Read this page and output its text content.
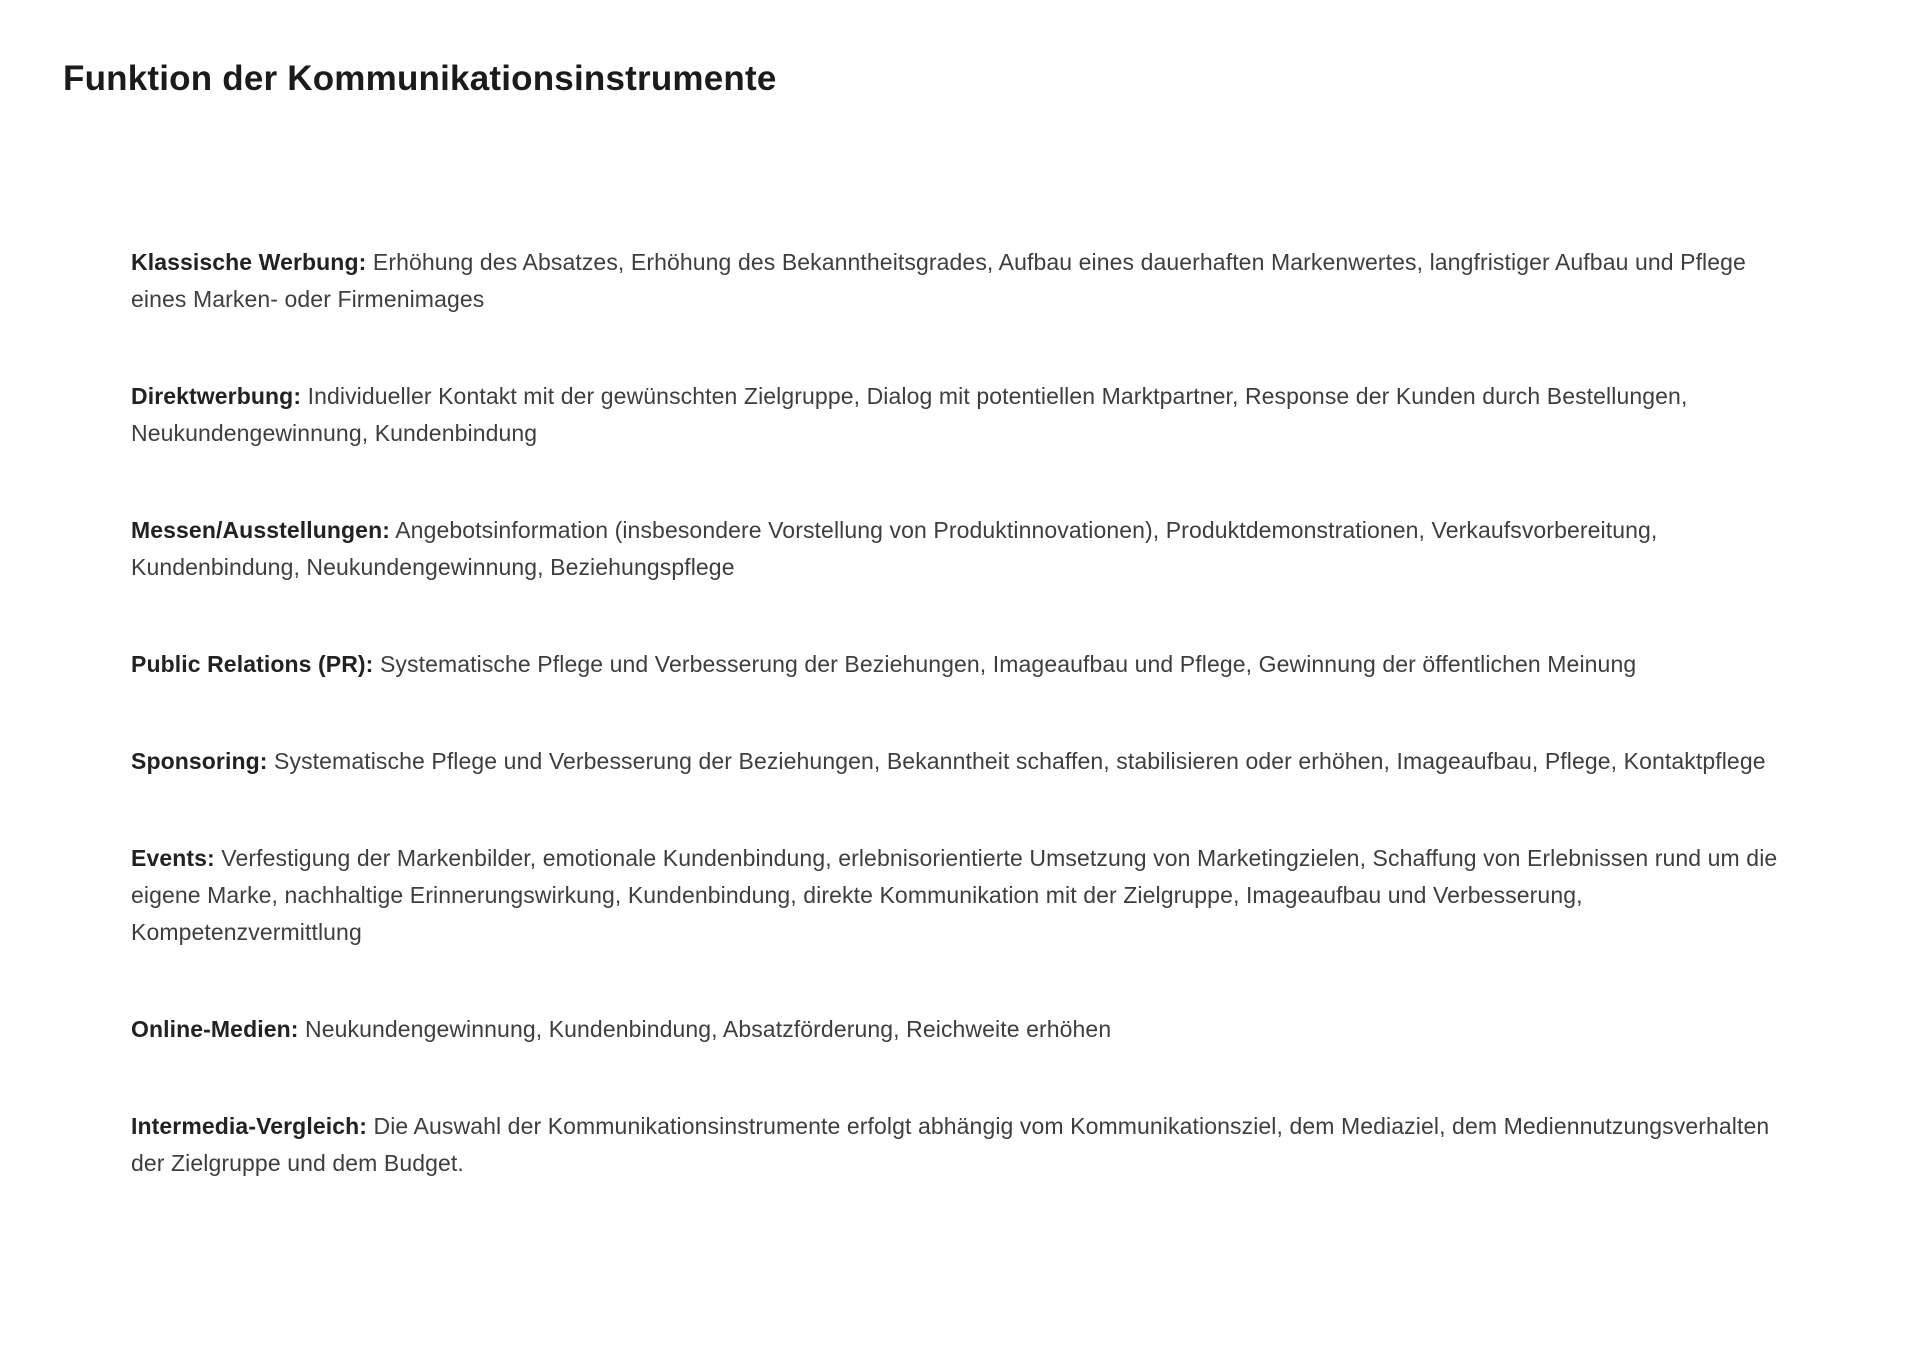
Funktion der Kommunikationsinstrumente

Klassische Werbung: Erhöhung des Absatzes, Erhöhung des Bekanntheitsgrades, Aufbau eines dauerhaften Markenwertes, langfristiger Aufbau und Pflege eines Marken- oder Firmenimages

Direktwerbung: Individueller Kontakt mit der gewünschten Zielgruppe, Dialog mit potentiellen Marktpartner, Response der Kunden durch Bestellungen, Neukundengewinnung, Kundenbindung

Messen/Ausstellungen: Angebotsinformation (insbesondere Vorstellung von Produktinnovationen), Produktdemonstrationen, Verkaufsvorbereitung, Kundenbindung, Neukundengewinnung, Beziehungspflege

Public Relations (PR): Systematische Pflege und Verbesserung der Beziehungen, Imageaufbau und Pflege, Gewinnung der öffentlichen Meinung

Sponsoring: Systematische Pflege und Verbesserung der Beziehungen, Bekanntheit schaffen, stabilisieren oder erhöhen, Imageaufbau, Pflege, Kontaktpflege

Events: Verfestigung der Markenbilder, emotionale Kundenbindung, erlebnisorientierte Umsetzung von Marketingzielen, Schaffung von Erlebnissen rund um die eigene Marke, nachhaltige Erinnerungswirkung, Kundenbindung, direkte Kommunikation mit der Zielgruppe, Imageaufbau und Verbesserung, Kompetenzvermittlung

Online-Medien: Neukundengewinnung, Kundenbindung, Absatzförderung, Reichweite erhöhen

Intermedia-Vergleich: Die Auswahl der Kommunikationsinstrumente erfolgt abhängig vom Kommunikationsziel, dem Mediaziel, dem Mediennutzungsverhalten der Zielgruppe und dem Budget.
